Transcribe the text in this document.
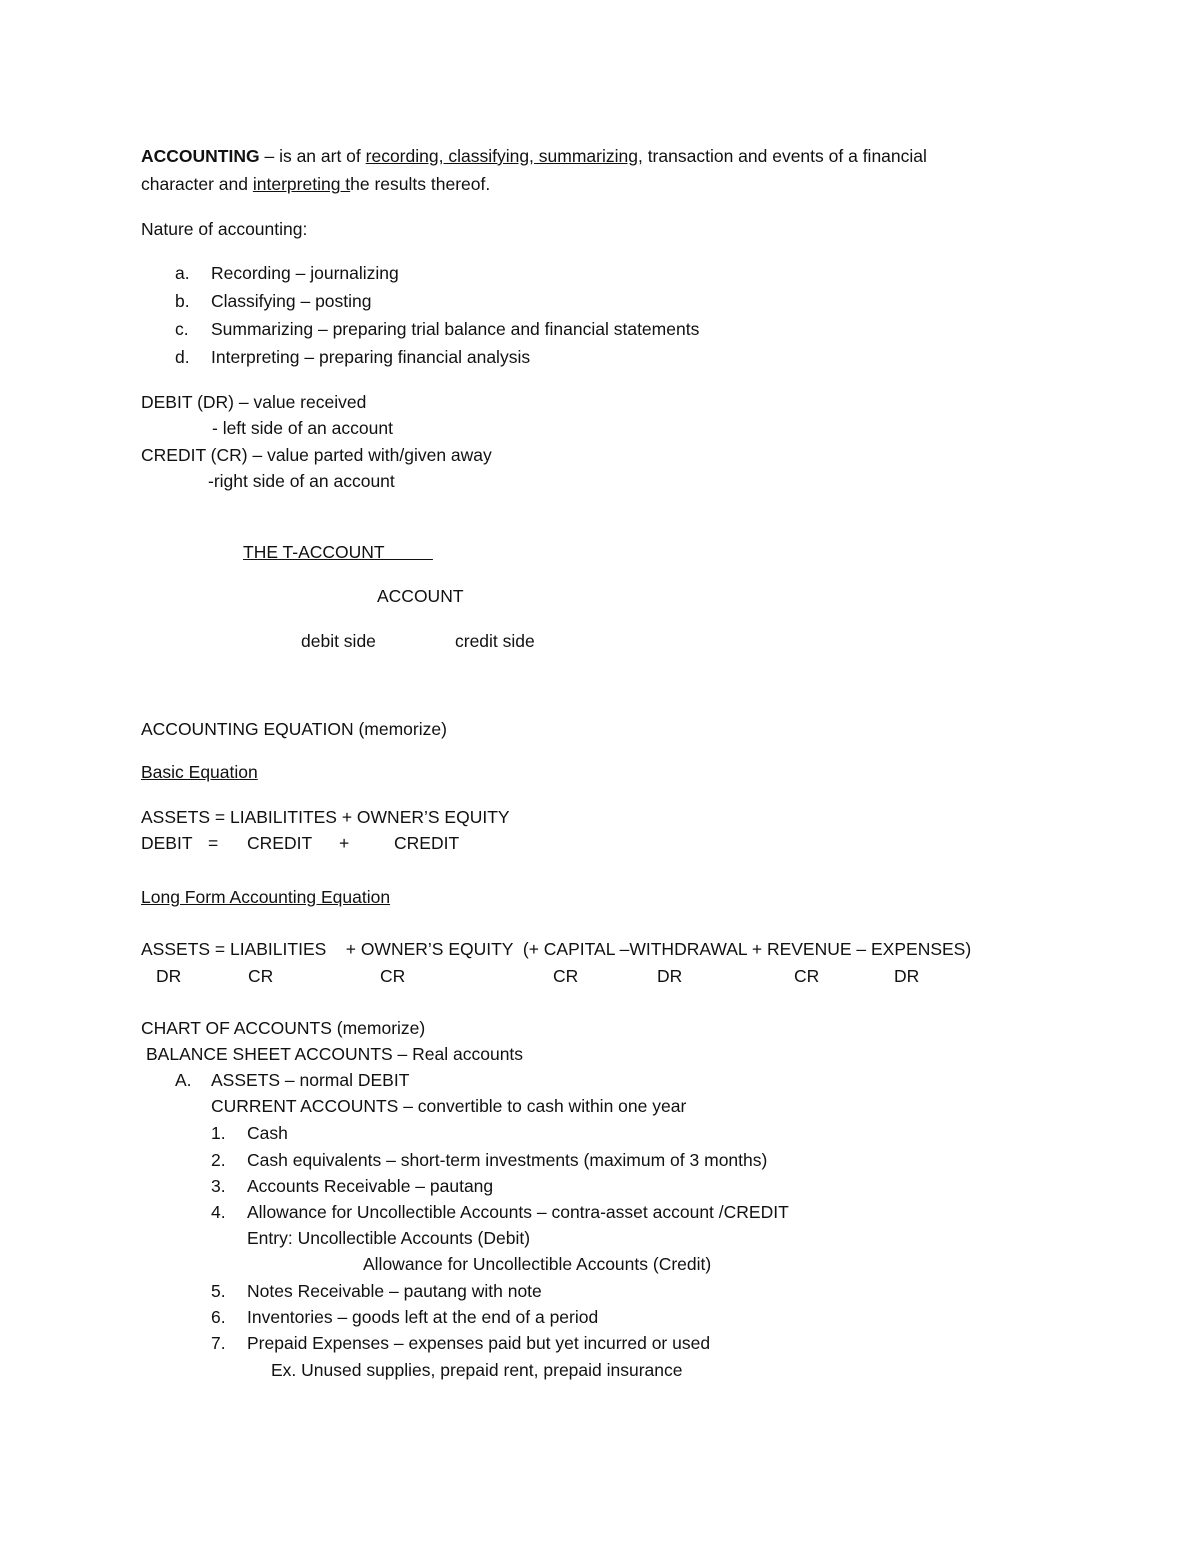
ACCOUNTING – is an art of recording, classifying, summarizing, transaction and events of a financial
character and interpreting the results thereof.
Nature of accounting:
a. Recording – journalizing
b. Classifying – posting
c. Summarizing – preparing trial balance and financial statements
d. Interpreting – preparing financial analysis
DEBIT (DR) – value received
- left side of an account
CREDIT (CR) – value parted with/given away
-right side of an account
THE T-ACCOUNT
ACCOUNT
debit side	credit side
ACCOUNTING EQUATION (memorize)
Basic Equation
ASSETS = LIABILITITES + OWNER’S EQUITY
DEBIT = CREDIT +	CREDIT
Long Form Accounting Equation
ASSETS = LIABILITIES    + OWNER’S EQUITY  (+ CAPITAL –WITHDRAWAL + REVENUE – EXPENSES)
DR	CR	CR	CR	DR	CR	DR
CHART OF ACCOUNTS (memorize)
BALANCE SHEET ACCOUNTS – Real accounts
A. ASSETS – normal DEBIT
CURRENT ACCOUNTS – convertible to cash within one year
1. Cash
2. Cash equivalents – short-term investments (maximum of 3 months)
3. Accounts Receivable – pautang
4. Allowance for Uncollectible Accounts – contra-asset account /CREDIT
Entry: Uncollectible Accounts (Debit)
Allowance for Uncollectible Accounts (Credit)
5. Notes Receivable – pautang with note
6. Inventories – goods left at the end of a period
7. Prepaid Expenses – expenses paid but yet incurred or used
Ex. Unused supplies, prepaid rent, prepaid insurance
